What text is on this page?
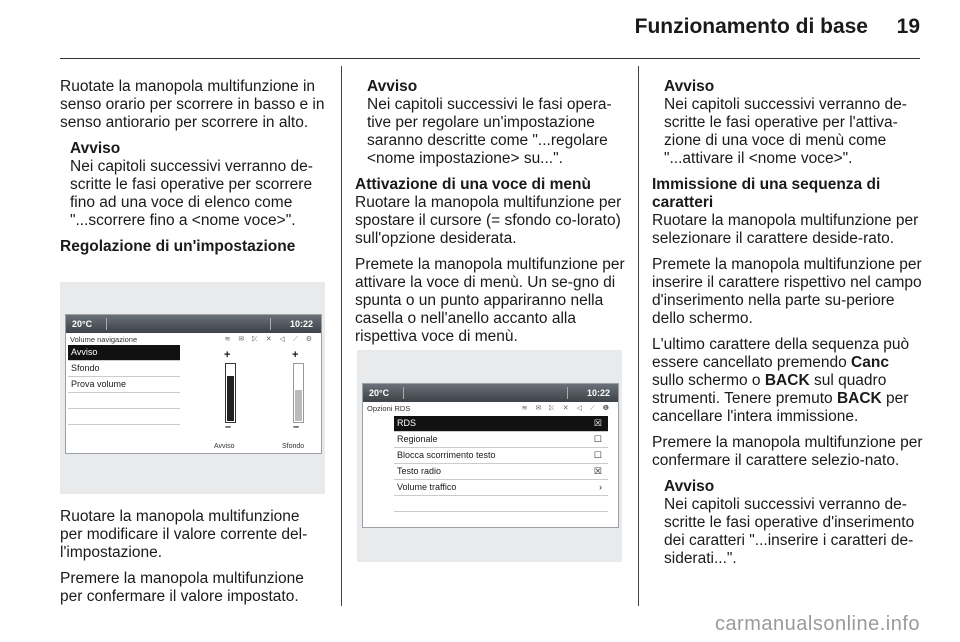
Funzionamento di base 19

Ruotate la manopola multifunzione in senso orario per scorrere in basso e in senso antiorario per scorrere in alto.

Avviso
Nei capitoli successivi verranno de-scritte le fasi operative per scorrere fino ad una voce di elenco come "...scorrere fino a <nome voce>".
Regolazione di un'impostazione
20°C	10:22
Volume navigazione	≋ ✉ ⤪ ✕ ◁ ⟋ ⚙
Avviso
Sfondo
Prova volume
+
–
+
–
Avviso	Sfondo

Ruotare la manopola multifunzione per modificare il valore corrente del-l'impostazione.

Premere la manopola multifunzione per confermare il valore impostato.

Avviso
Nei capitoli successivi le fasi opera-tive per regolare un'impostazione saranno descritte come "...regolare <nome impostazione> su...".
Attivazione di una voce di menù

Ruotare la manopola multifunzione per spostare il cursore (= sfondo co-lorato) sull'opzione desiderata.

Premete la manopola multifunzione per attivare la voce di menù. Un se-gno di spunta o un punto appariranno nella casella o nell'anello accanto alla rispettiva voce di menù.

20°C	10:22
Opzioni RDS	≋ ✉ ⤪ ✕ ◁ ⟋ ❶
RDS	☒
Regionale	☐
Blocca scorrimento testo	☐
Testo radio	☒
Volume traffico	›
Avviso
Nei capitoli successivi verranno de-scritte le fasi operative per l'attiva-zione di una voce di menù come "...attivare il <nome voce>".
Immissione di una sequenza di caratteri

Ruotare la manopola multifunzione per selezionare il carattere deside-rato.

Premete la manopola multifunzione per inserire il carattere rispettivo nel campo d'inserimento nella parte su-periore dello schermo.

L'ultimo carattere della sequenza può essere cancellato premendo Canc sullo schermo o BACK sul quadro strumenti. Tenere premuto BACK per cancellare l'intera immissione.

Premere la manopola multifunzione per confermare il carattere selezio-nato.

Avviso
Nei capitoli successivi verranno de-scritte le fasi operative d'inserimento dei caratteri "...inserire i caratteri de-siderati...".
carmanualsonline.info
